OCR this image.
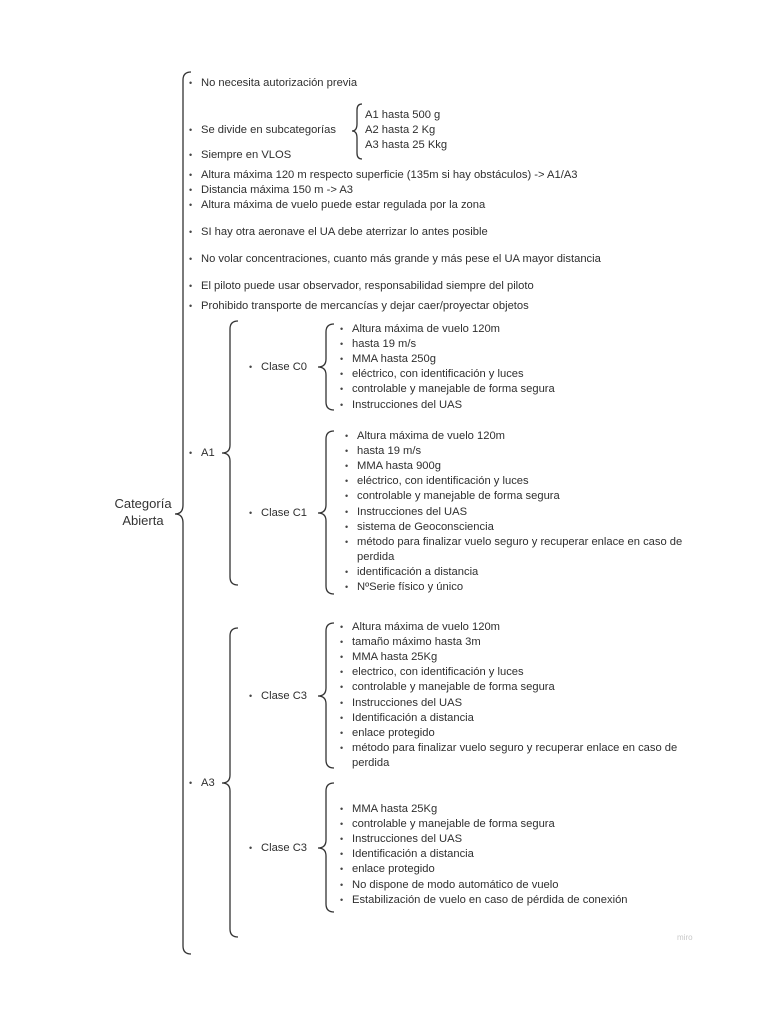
Categoría
Abierta
• No necesita autorización previa
• Se divide en subcategorías
• Siempre en VLOS
• Altura máxima 120 m respecto superficie (135m si hay obstáculos) -> A1/A3
• Distancia máxima 150 m -> A3
• Altura máxima de vuelo puede estar regulada por la zona
• SI hay otra aeronave el UA debe aterrizar lo antes posible
• No volar concentraciones, cuanto más grande y más pese el UA mayor distancia
• El piloto puede usar observador, responsabilidad siempre del piloto
• Prohibido transporte de mercancías y dejar caer/proyectar objetos
A1 hasta 500 g
A2 hasta 2 Kg
A3 hasta 25 Kkg
• A1
• Clase C0
• Altura máxima de vuelo 120m
• hasta 19 m/s
• MMA hasta 250g
• eléctrico, con identificación y luces
• controlable y manejable de forma segura
• Instrucciones del UAS
• Clase C1
• Altura máxima de vuelo 120m
• hasta 19 m/s
• MMA hasta 900g
• eléctrico, con identificación y luces
• controlable y manejable de forma segura
• Instrucciones del UAS
• sistema de Geoconsciencia
• método para finalizar vuelo seguro y recuperar enlace en caso de
perdida
• identificación a distancia
• NºSerie físico y único
• A3
• Clase C3
• Altura máxima de vuelo 120m
• tamaño máximo hasta 3m
• MMA hasta 25Kg
• electrico, con identificación y luces
• controlable y manejable de forma segura
• Instrucciones del UAS
• Identificación a distancia
• enlace protegido
• método para finalizar vuelo seguro y recuperar enlace en caso de
perdida
• Clase C3
• MMA hasta 25Kg
• controlable y manejable de forma segura
• Instrucciones del UAS
• Identificación a distancia
• enlace protegido
• No dispone de modo automático de vuelo
• Estabilización de vuelo en caso de pérdida de conexión
miro
